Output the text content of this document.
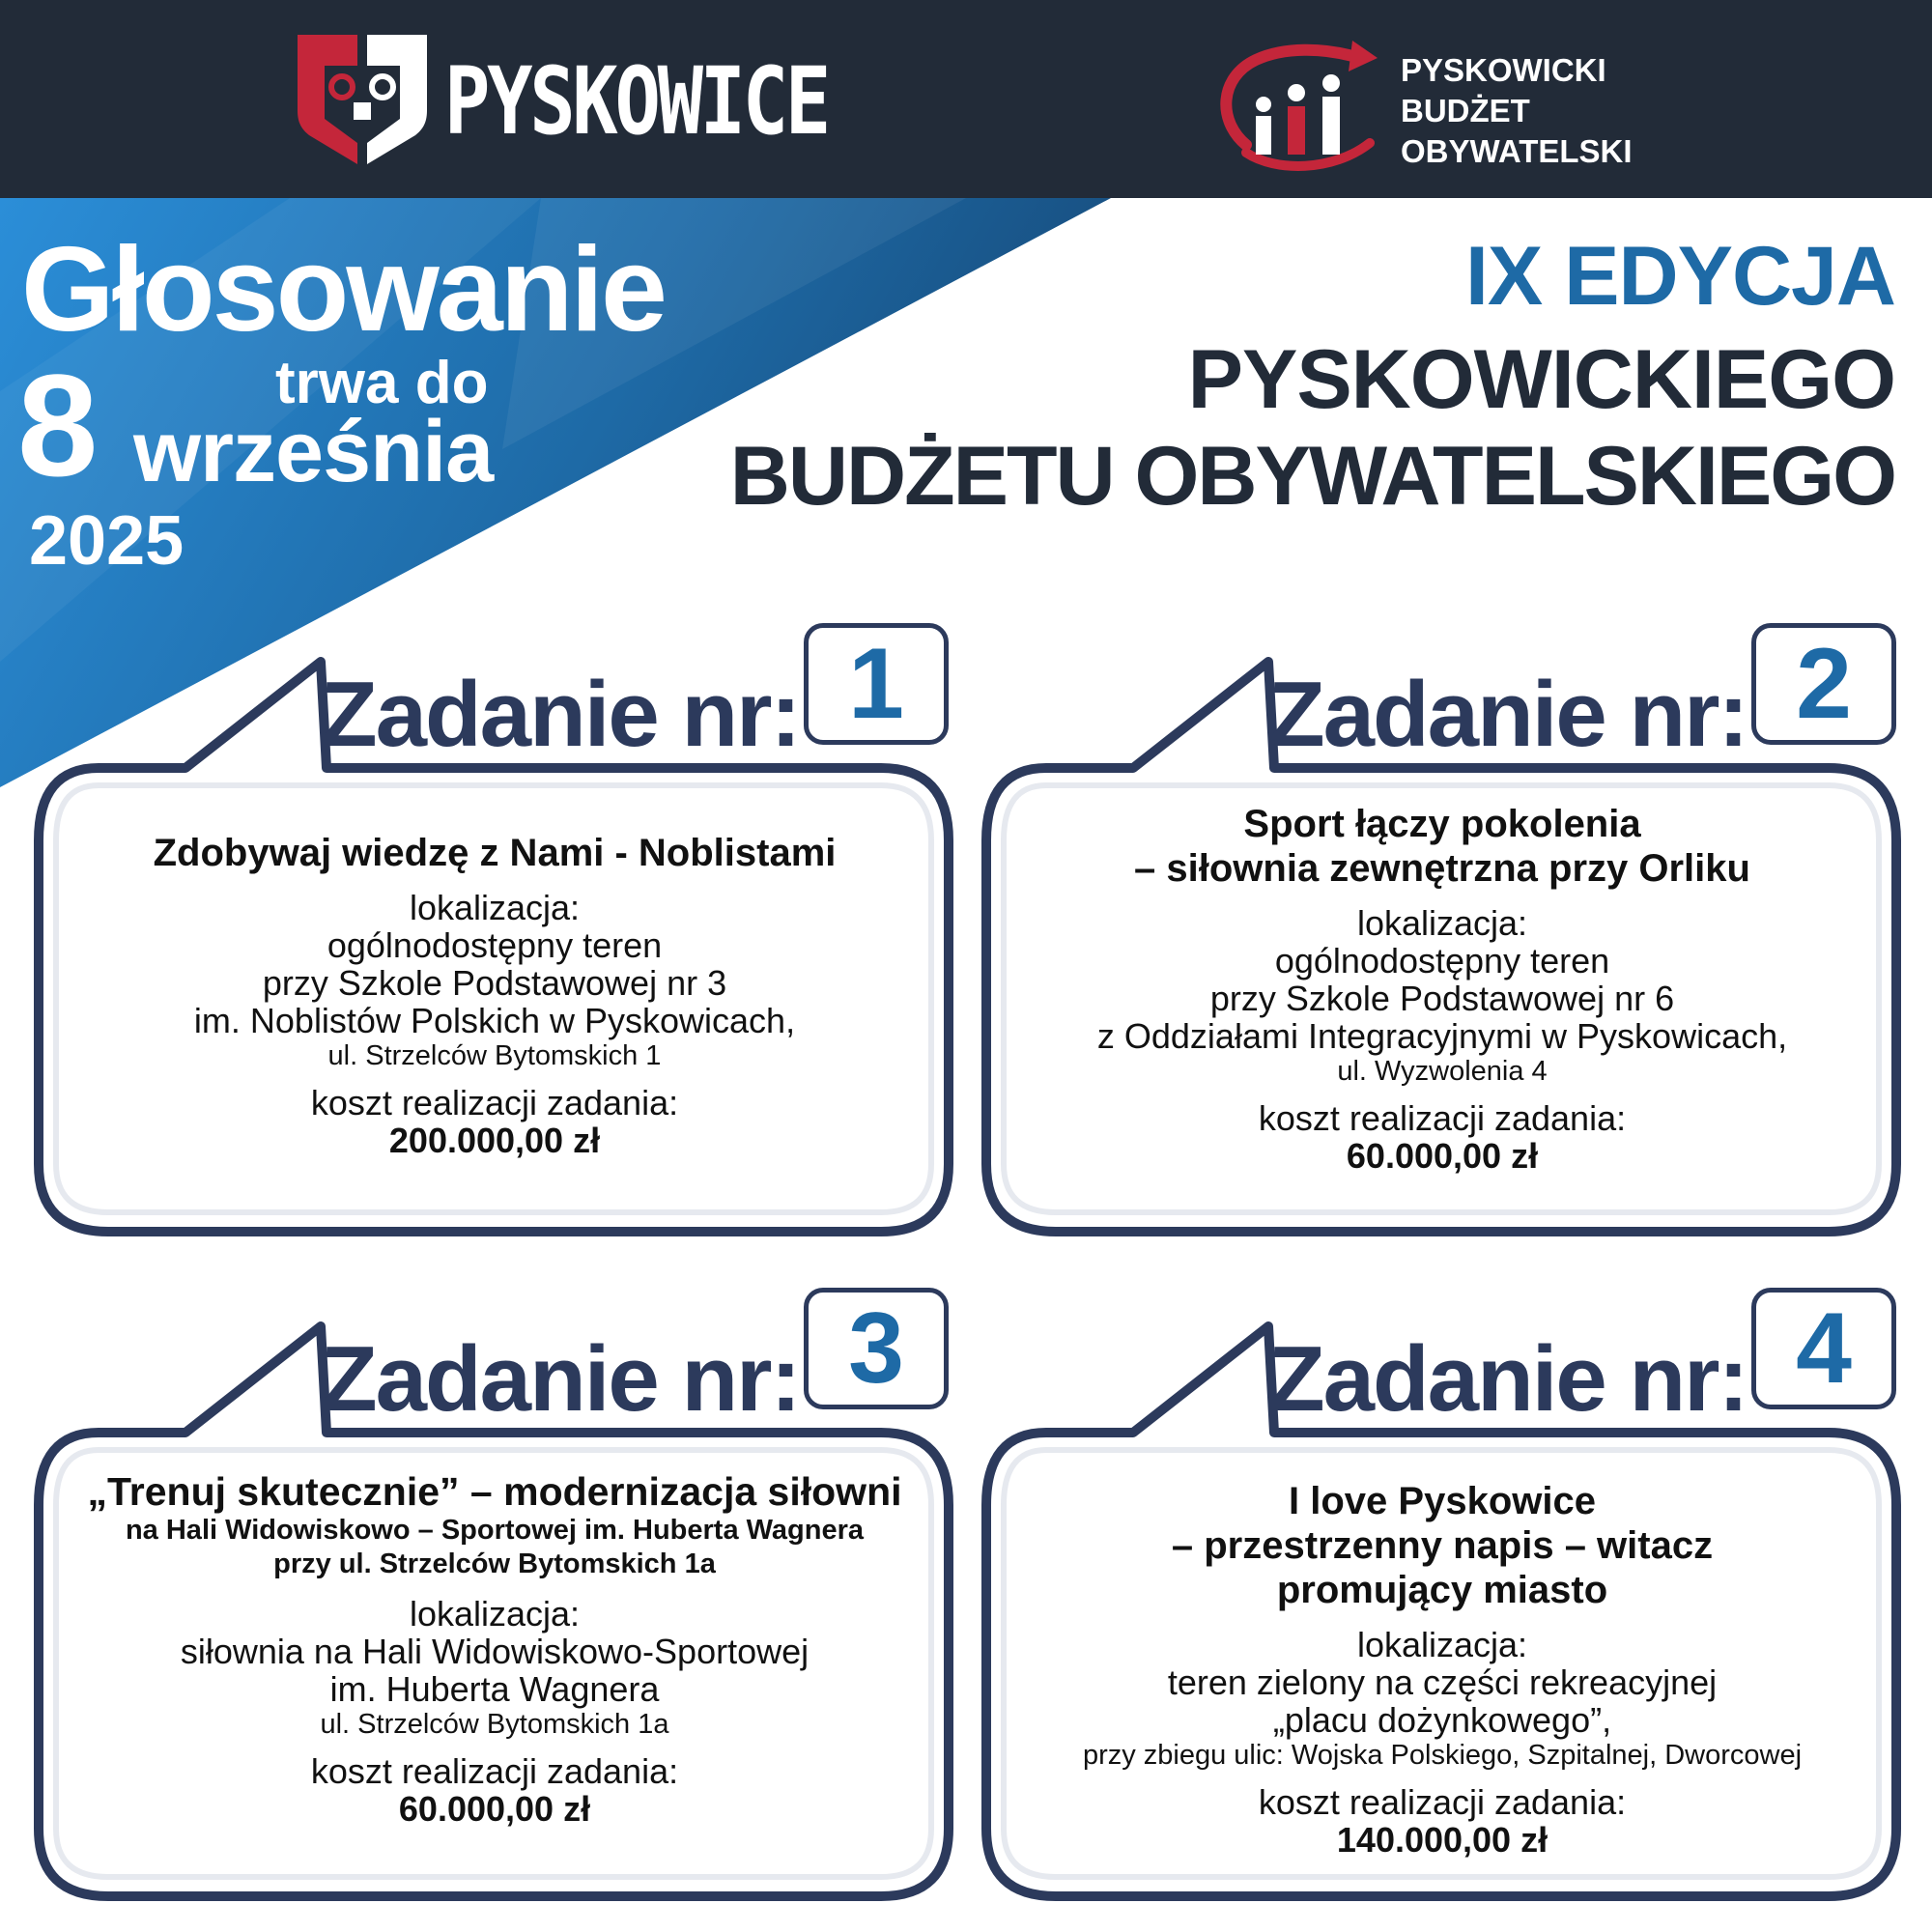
PYSKOWICE	PYSKOWICKI
BUDŻET
OBYWATELSKI
Głosowanie
8	trwa do
września
2025
IX EDYCJA
PYSKOWICKIEGO
BUDŻETU OBYWATELSKIEGO
Zadanie nr: 1
Zdobywaj wiedzę z Nami - Noblistami
lokalizacja:
ogólnodostępny teren
przy Szkole Podstawowej nr 3
im. Noblistów Polskich w Pyskowicach,
ul. Strzelców Bytomskich 1
koszt realizacji zadania:
200.000,00 zł
Zadanie nr: 2
Sport łączy pokolenia
– siłownia zewnętrzna przy Orliku
lokalizacja:
ogólnodostępny teren
przy Szkole Podstawowej nr 6
z Oddziałami Integracyjnymi w Pyskowicach,
ul. Wyzwolenia 4
koszt realizacji zadania:
60.000,00 zł
Zadanie nr: 3
„Trenuj skutecznie” – modernizacja siłowni
na Hali Widowiskowo – Sportowej im. Huberta Wagnera
przy ul. Strzelców Bytomskich 1a
lokalizacja:
siłownia na Hali Widowiskowo-Sportowej
im. Huberta Wagnera
ul. Strzelców Bytomskich 1a
koszt realizacji zadania:
60.000,00 zł
Zadanie nr: 4
I love Pyskowice
– przestrzenny napis – witacz
promujący miasto
lokalizacja:
teren zielony na części rekreacyjnej
„placu dożynkowego”,
przy zbiegu ulic: Wojska Polskiego, Szpitalnej, Dworcowej
koszt realizacji zadania:
140.000,00 zł
